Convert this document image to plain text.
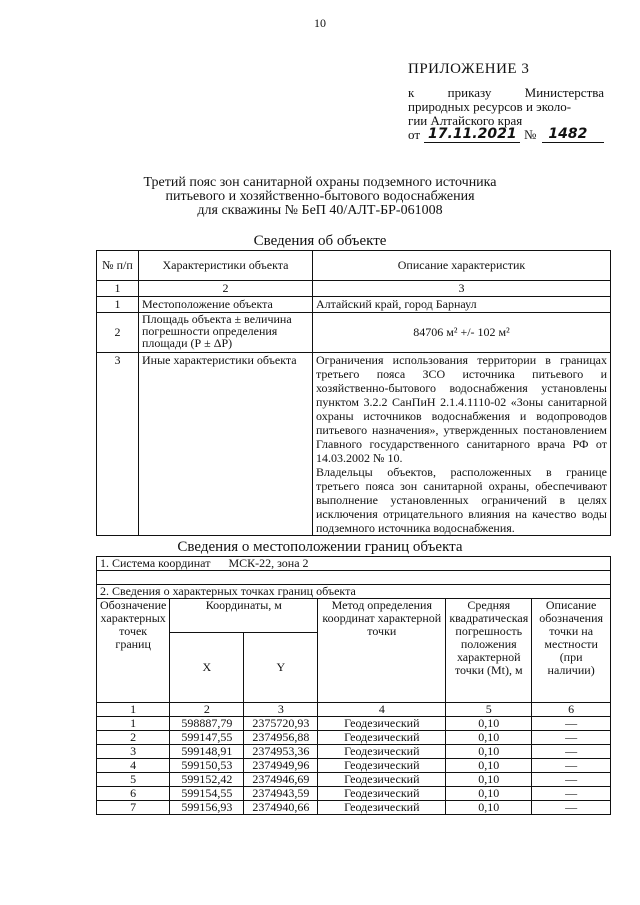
10
ПРИЛОЖЕНИЕ 3
к	приказу	Министерства
природных ресурсов и эколо-
гии Алтайского края
от 17.11.2021 № 1482
Третий пояс зон санитарной охраны подземного источника
питьевого и хозяйственно-бытового водоснабжения
для скважины № БеП 40/АЛТ-БР-061008
Сведения об объекте
№ п/п	Характеристики объекта	Описание характеристик
1	2	3
1	Местоположение объекта	Алтайский край, город Барнаул
2	Площадь объекта ± величина погрешности определения площади (Р ± ΔР)	84706 м² +/- 102 м²
3	Иные характеристики объекта	Ограничения использования территории в границах третьего пояса ЗСО источника питьевого и хозяйственно-бытового водоснабжения установлены пунктом 3.2.2 СанПиН 2.1.4.1110-02 «Зоны санитарной охраны источников водоснабжения и водопроводов питьевого назначения», утвержденных постановлением Главного государственного санитарного врача РФ от 14.03.2002 № 10.
Владельцы объектов, расположенных в границе третьего пояса зон санитарной охраны, обеспечивают выполнение установленных ограничений в целях исключения отрицательного влияния на качество воды подземного источника водоснабжения.
Сведения о местоположении границ объекта
1. Система координат МСК-22, зона 2					

2. Сведения о характерных точках границ объекта					
Обозначение характерных точек границ	Координаты, м		Метод определения координат характерной точки	Средняя квадратическая погрешность положения характерной точки (Mt), м	Описание обозначения точки на местности (при наличии)
	X	Y			
1	2	3	4	5	6
1	598887,79	2375720,93	Геодезический	0,10	—
2	599147,55	2374956,88	Геодезический	0,10	—
3	599148,91	2374953,36	Геодезический	0,10	—
4	599150,53	2374949,96	Геодезический	0,10	—
5	599152,42	2374946,69	Геодезический	0,10	—
6	599154,55	2374943,59	Геодезический	0,10	—
7	599156,93	2374940,66	Геодезический	0,10	—
